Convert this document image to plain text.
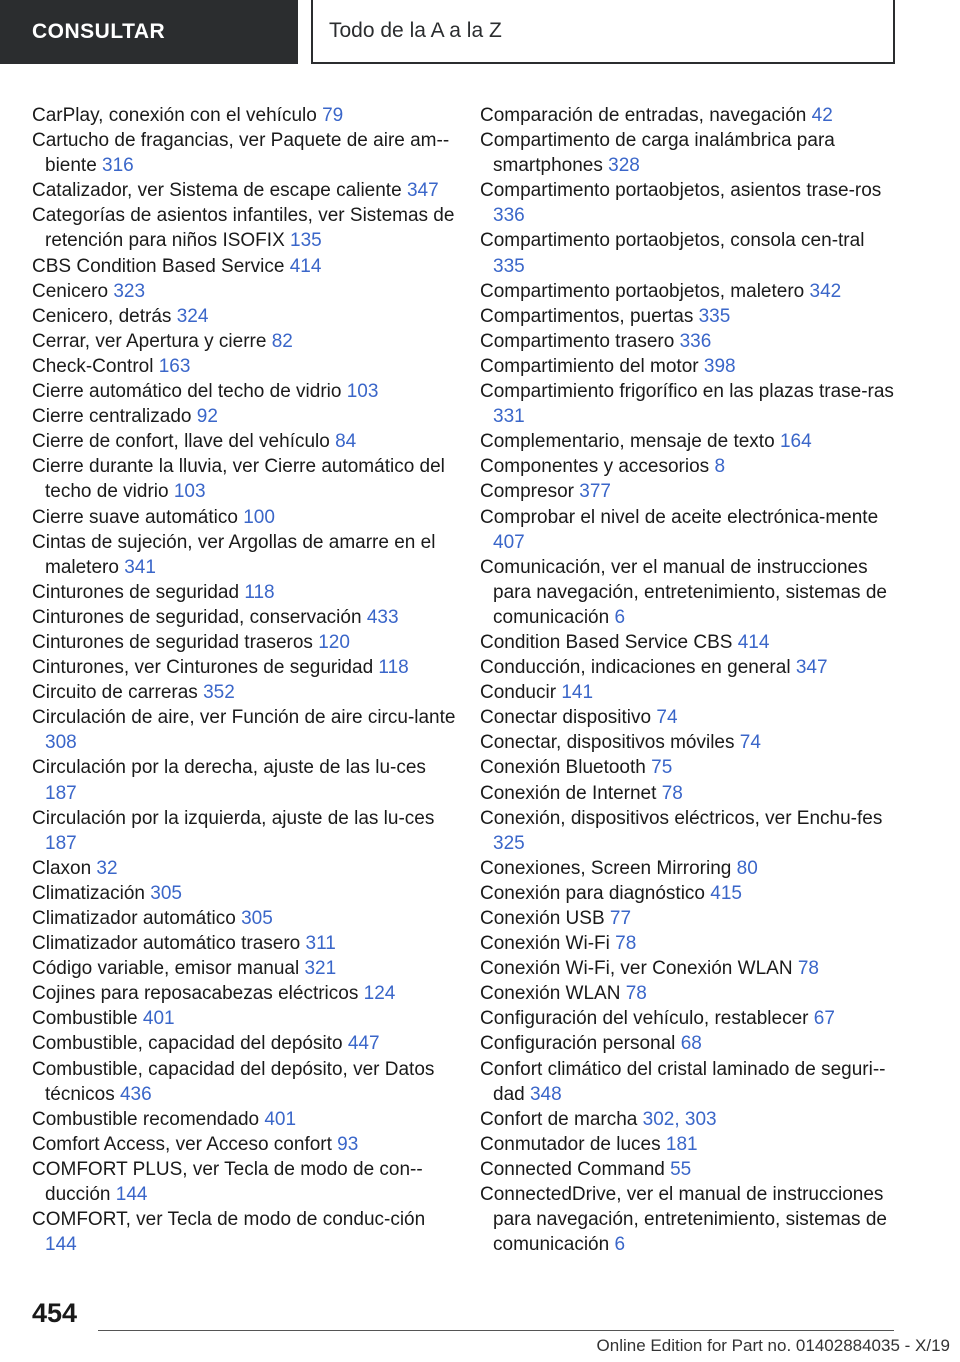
CONSULTAR	Todo de la A a la Z
CarPlay, conexión con el vehículo 79
Cartucho de fragancias, ver Paquete de aire am-biente 316
Catalizador, ver Sistema de escape caliente 347
Categorías de asientos infantiles, ver Sistemas de retención para niños ISOFIX 135
CBS Condition Based Service 414
Cenicero 323
Cenicero, detrás 324
Cerrar, ver Apertura y cierre 82
Check-Control 163
Cierre automático del techo de vidrio 103
Cierre centralizado 92
Cierre de confort, llave del vehículo 84
Cierre durante la lluvia, ver Cierre automático del techo de vidrio 103
Cierre suave automático 100
Cintas de sujeción, ver Argollas de amarre en el maletero 341
Cinturones de seguridad 118
Cinturones de seguridad, conservación 433
Cinturones de seguridad traseros 120
Cinturones, ver Cinturones de seguridad 118
Circuito de carreras 352
Circulación de aire, ver Función de aire circu-lante 308
Circulación por la derecha, ajuste de las lu-ces 187
Circulación por la izquierda, ajuste de las lu-ces 187
Claxon 32
Climatización 305
Climatizador automático 305
Climatizador automático trasero 311
Código variable, emisor manual 321
Cojines para reposacabezas eléctricos 124
Combustible 401
Combustible, capacidad del depósito 447
Combustible, capacidad del depósito, ver Datos técnicos 436
Combustible recomendado 401
Comfort Access, ver Acceso confort 93
COMFORT PLUS, ver Tecla de modo de con-ducción 144
COMFORT, ver Tecla de modo de conduc-ción 144
Comparación de entradas, navegación 42
Compartimento de carga inalámbrica para smartphones 328
Compartimento portaobjetos, asientos trase-ros 336
Compartimento portaobjetos, consola cen-tral 335
Compartimento portaobjetos, maletero 342
Compartimentos, puertas 335
Compartimento trasero 336
Compartimiento del motor 398
Compartimiento frigorífico en las plazas trase-ras 331
Complementario, mensaje de texto 164
Componentes y accesorios 8
Compresor 377
Comprobar el nivel de aceite electrónica-mente 407
Comunicación, ver el manual de instrucciones para navegación, entretenimiento, sistemas de comunicación 6
Condition Based Service CBS 414
Conducción, indicaciones en general 347
Conducir 141
Conectar dispositivo 74
Conectar, dispositivos móviles 74
Conexión Bluetooth 75
Conexión de Internet 78
Conexión, dispositivos eléctricos, ver Enchu-fes 325
Conexiones, Screen Mirroring 80
Conexión para diagnóstico 415
Conexión USB 77
Conexión Wi-Fi 78
Conexión Wi-Fi, ver Conexión WLAN 78
Conexión WLAN 78
Configuración del vehículo, restablecer 67
Configuración personal 68
Confort climático del cristal laminado de seguri-dad 348
Confort de marcha 302, 303
Conmutador de luces 181
Connected Command 55
ConnectedDrive, ver el manual de instrucciones para navegación, entretenimiento, sistemas de comunicación 6
454
Online Edition for Part no. 01402884035 - X/19
